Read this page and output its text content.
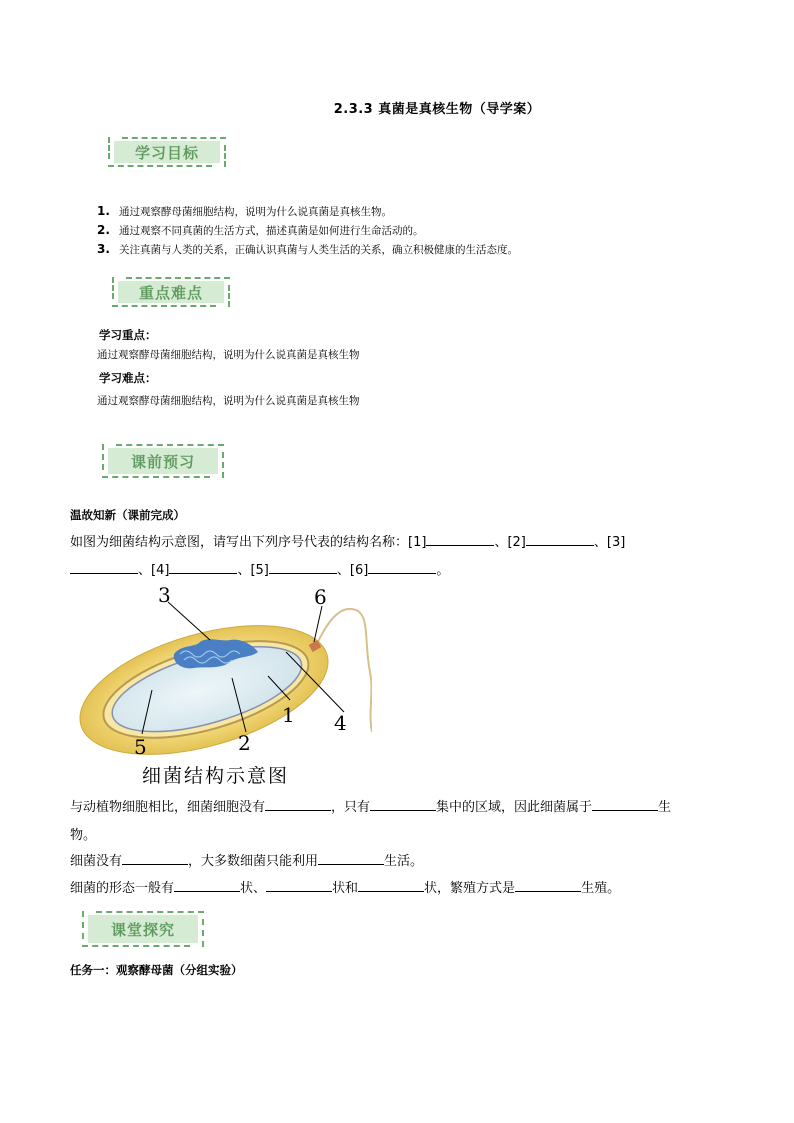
2.3.3 真菌是真核生物（导学案）
学习目标
1. 通过观察酵母菌细胞结构，说明为什么说真菌是真核生物。
2. 通过观察不同真菌的生活方式，描述真菌是如何进行生命活动的。
3. 关注真菌与人类的关系，正确认识真菌与人类生活的关系，确立积极健康的生活态度。
重点难点
学习重点：
通过观察酵母菌细胞结构，说明为什么说真菌是真核生物
学习难点：
通过观察酵母菌细胞结构，说明为什么说真菌是真核生物
课前预习
温故知新（课前完成）
如图为细菌结构示意图，请写出下列序号代表的结构名称：[1]	、[2]	、[3]
、[4]	、[5]	、[6]	。
3	6
1 4
2
5
细菌结构示意图
与动植物细胞相比，细菌细胞没有	，只有	集中的区域，因此细菌属于	生
物。
细菌没有	，大多数细菌只能利用	生活。
细菌的形态一般有	状、	状和	状，繁殖方式是	生殖。
课堂探究
任务一：观察酵母菌（分组实验）
